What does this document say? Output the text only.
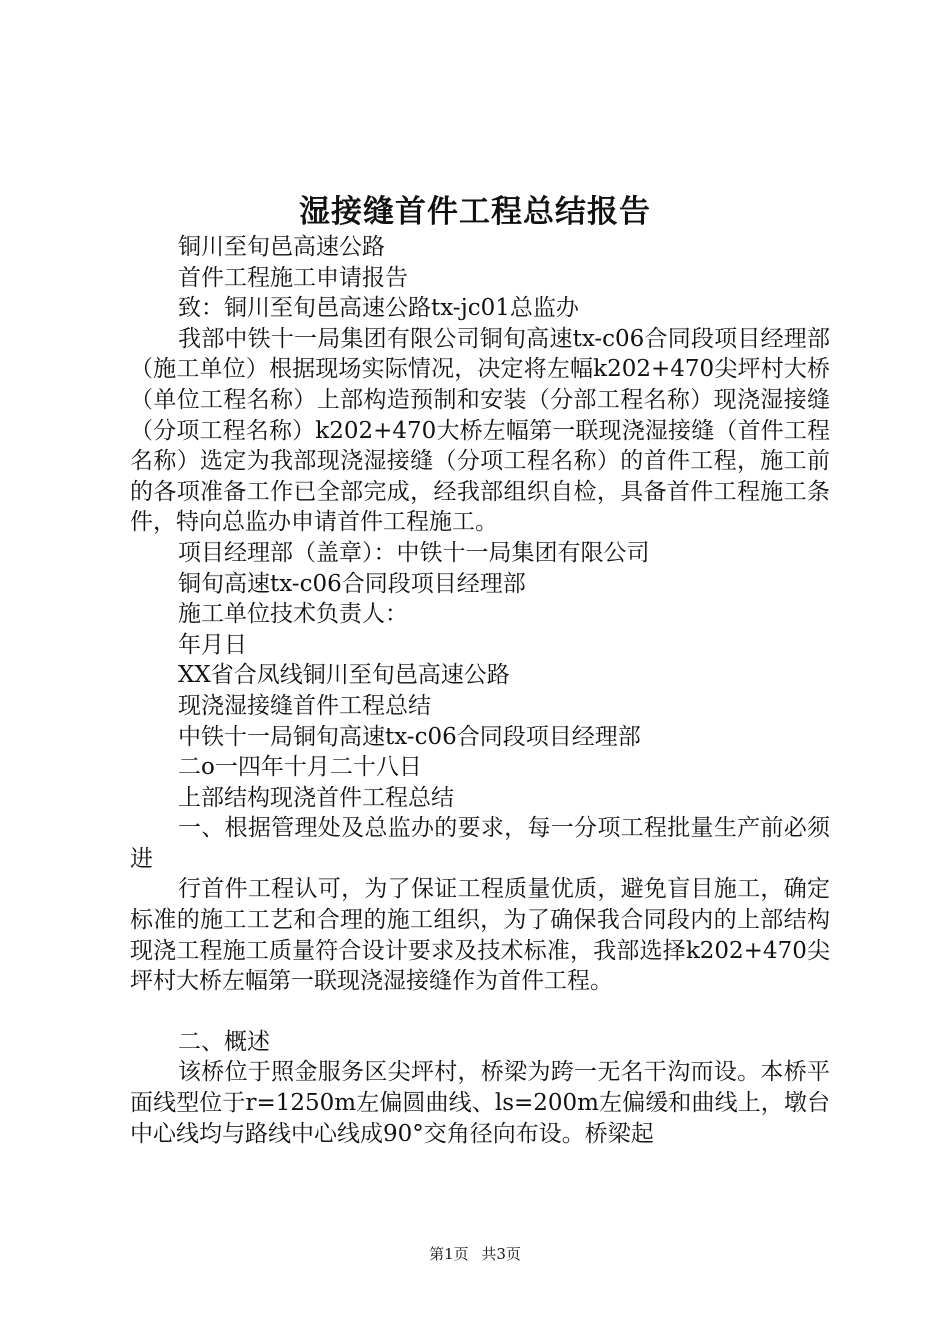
湿接缝首件工程总结报告

铜川至旬邑高速公路

首件工程施工申请报告

致：铜川至旬邑高速公路tx-jc01总监办

我部中铁十一局集团有限公司铜旬高速tx-c06合同段项目经理部（施工单位）根据现场实际情况，决定将左幅k202+470尖坪村大桥（单位工程名称）上部构造预制和安装（分部工程名称）现浇湿接缝（分项工程名称）k202+470大桥左幅第一联现浇湿接缝（首件工程名称）选定为我部现浇湿接缝（分项工程名称）的首件工程，施工前的各项准备工作已全部完成，经我部组织自检，具备首件工程施工条件，特向总监办申请首件工程施工。

项目经理部（盖章）：中铁十一局集团有限公司

铜旬高速tx-c06合同段项目经理部

施工单位技术负责人：

年月日

XX省合凤线铜川至旬邑高速公路

现浇湿接缝首件工程总结

中铁十一局铜旬高速tx-c06合同段项目经理部

二o一四年十月二十八日

上部结构现浇首件工程总结

一、根据管理处及总监办的要求，每一分项工程批量生产前必须进

行首件工程认可，为了保证工程质量优质，避免盲目施工，确定标准的施工工艺和合理的施工组织，为了确保我合同段内的上部结构现浇工程施工质量符合设计要求及技术标准，我部选择k202+470尖坪村大桥左幅第一联现浇湿接缝作为首件工程。

二、概述

该桥位于照金服务区尖坪村，桥梁为跨一无名干沟而设。本桥平面线型位于r=1250m左偏圆曲线、ls=200m左偏缓和曲线上，墩台中心线均与路线中心线成90°交角径向布设。桥梁起

第1页 共3页
